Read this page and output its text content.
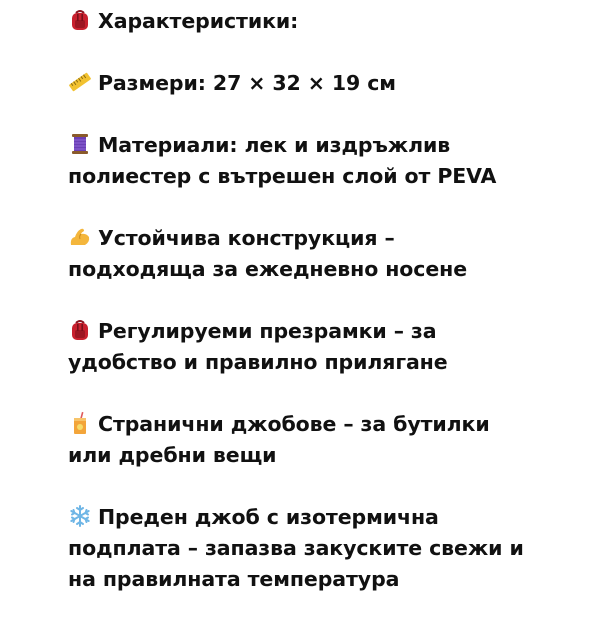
Характеристики:
Размери: 27 × 32 × 19 см
Материали: лек и издръжлив
полиестер с вътрешен слой от PEVA
Устойчива конструкция –
подходяща за ежедневно носене
Регулируеми презрамки – за
удобство и правилно прилягане
Странични джобове – за бутилки
или дребни вещи
Преден джоб с изотермична
подплата – запазва закуските свежи и
на правилната температура
